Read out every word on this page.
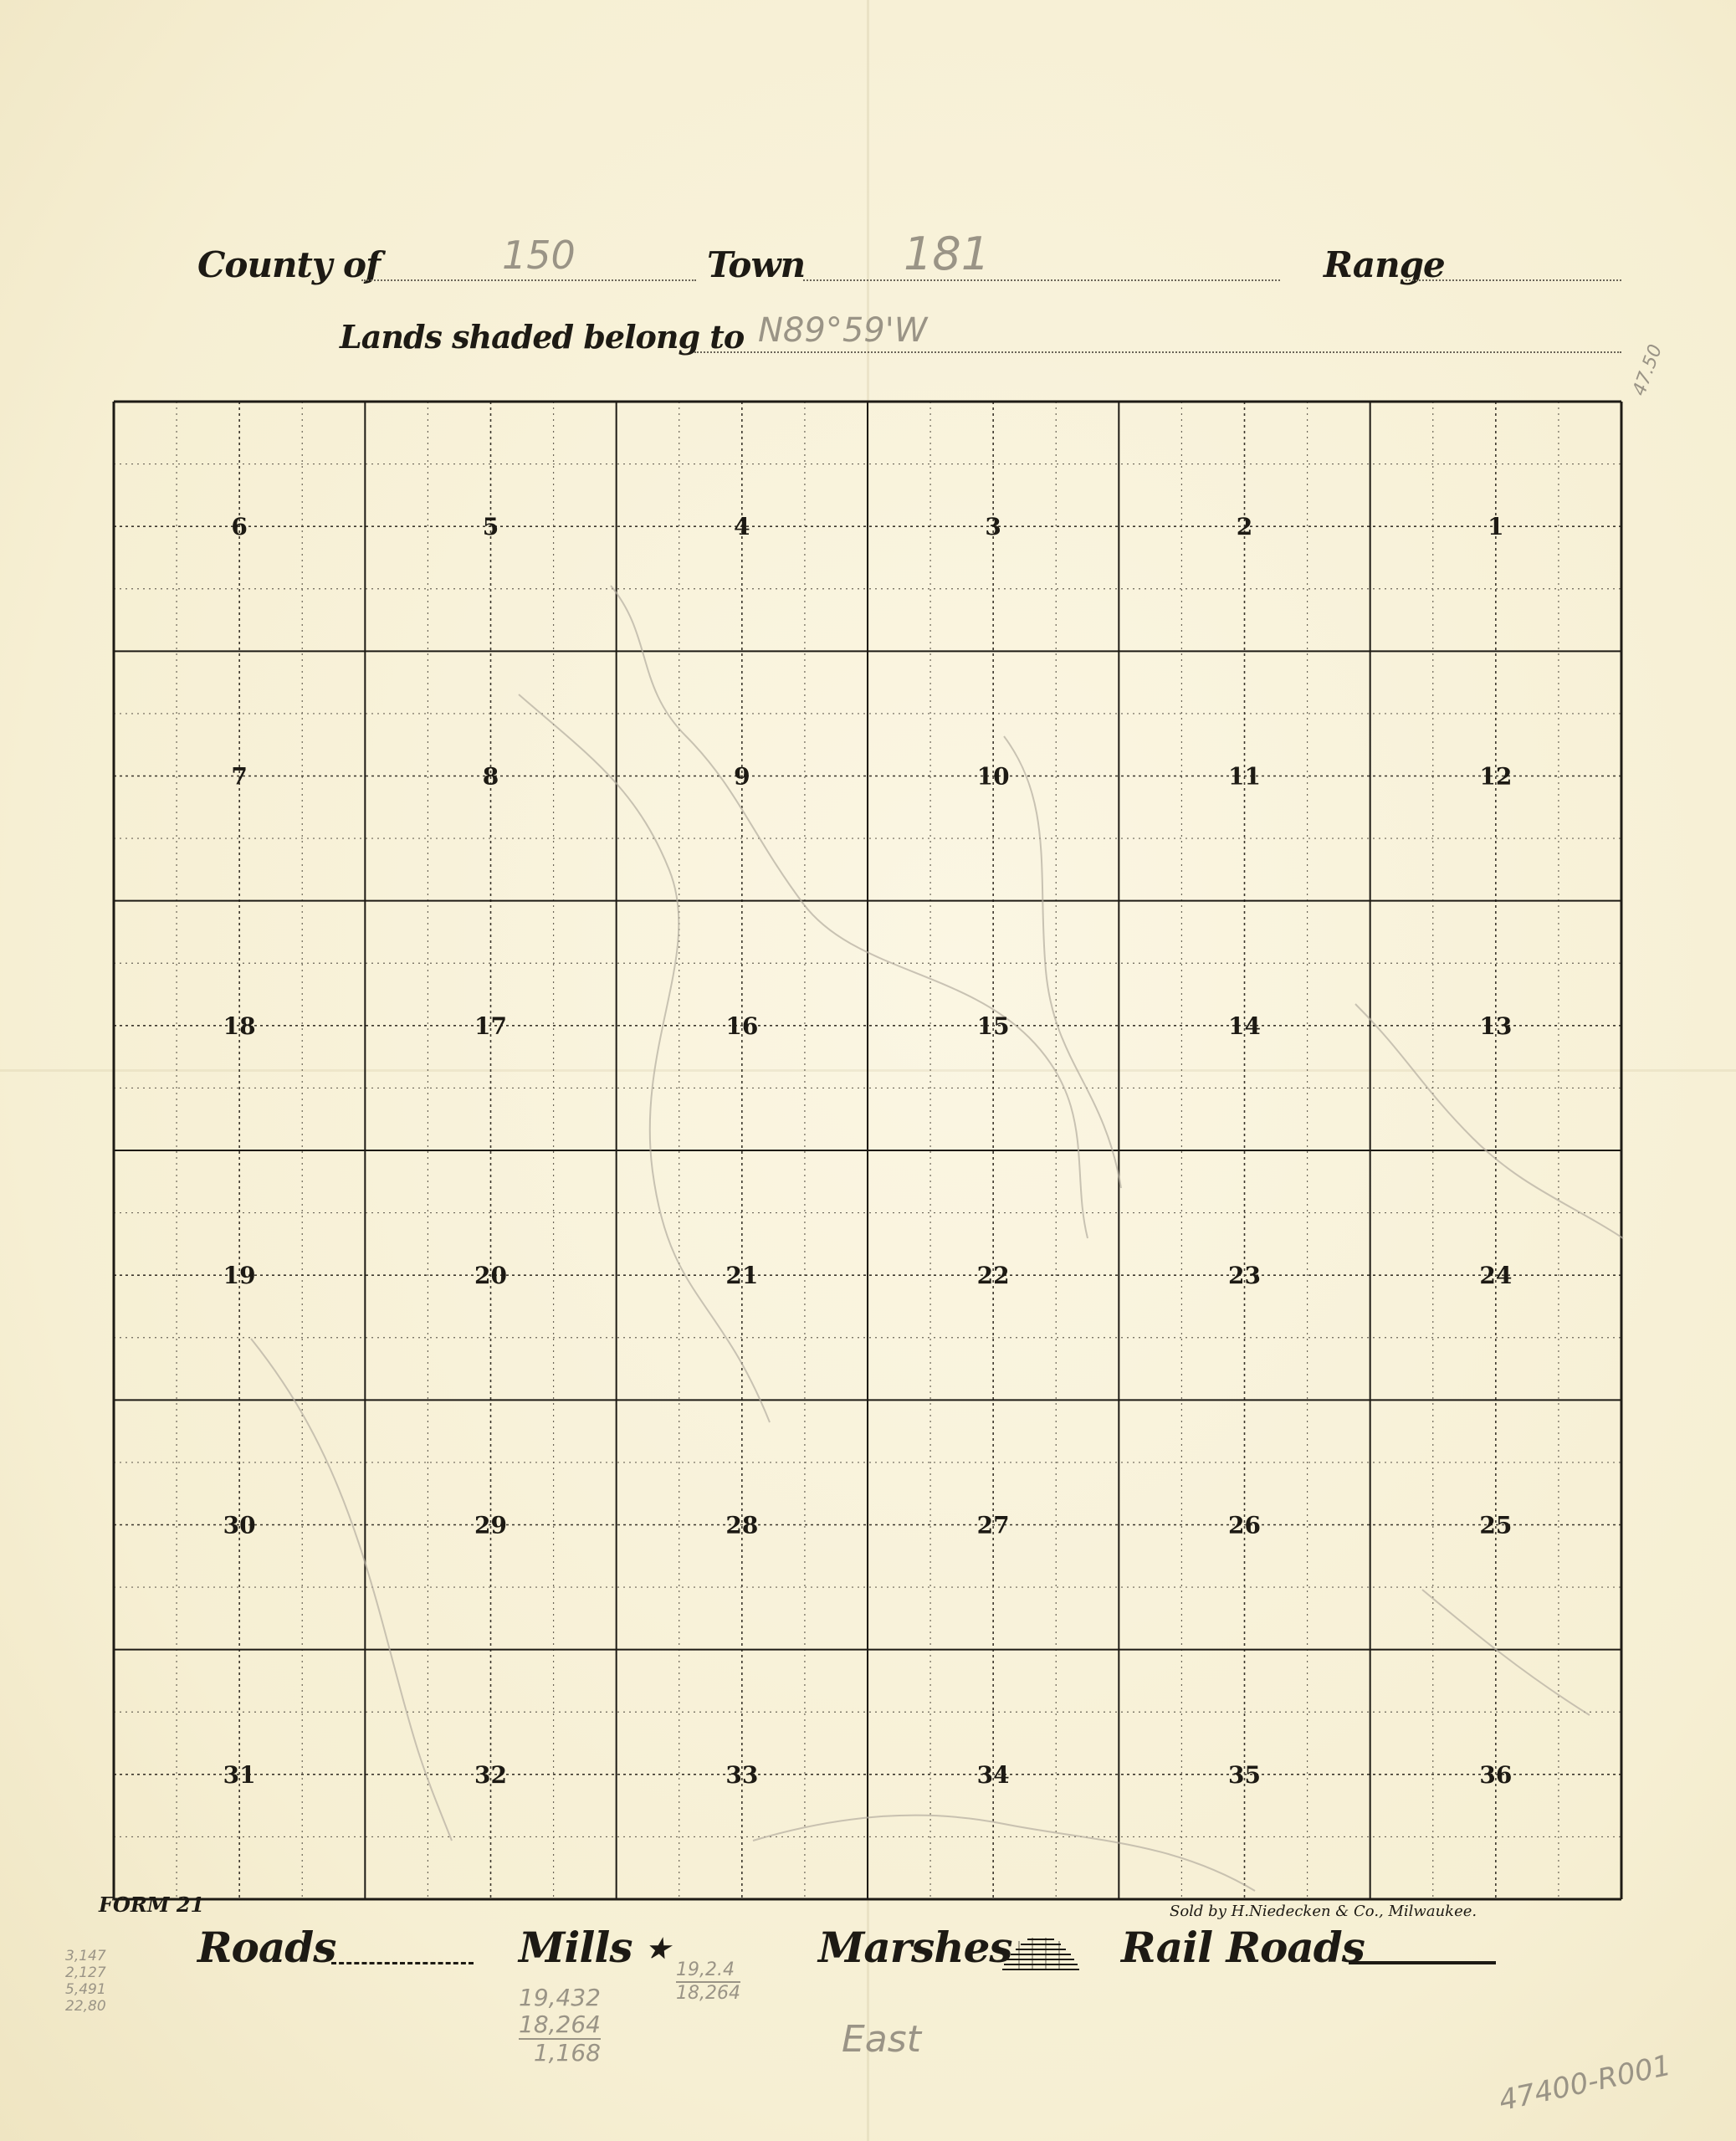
County of	150	Town 181	Range
Lands shaded belong to N89°59'W
47.50
6	5	4	3	2	1
7	8	9	10	11	12
18	17	16	15	14	13
19	20	21	22	23	24
30	29	28	27	26	25
31	32	33	34	35	36
FORM 21	Sold by H.Niedecken & Co., Milwaukee.
Roads	Mills ★	Marshes	Rail Roads
3,147
2,127
5,491
22,80	19,432
18,264
1,168
19,2.4
18,264
East
47400-R001
